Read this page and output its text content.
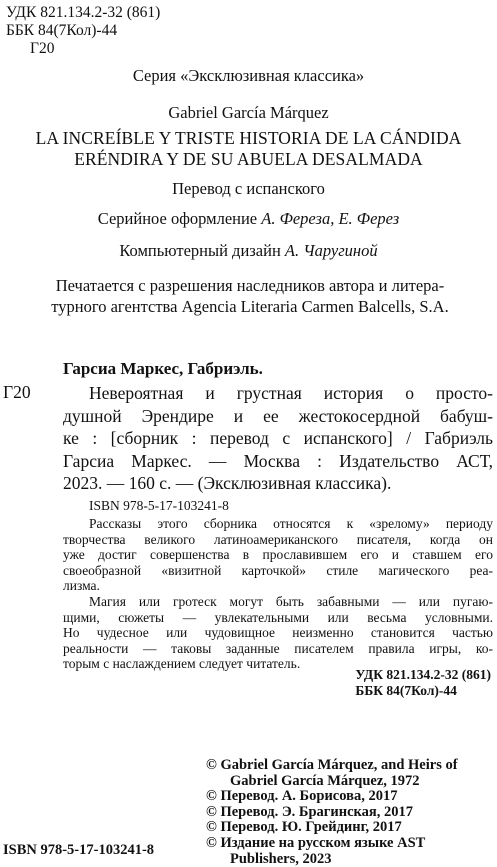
УДК 821.134.2-32 (861)
ББК 84(7Кол)-44
Г20
Серия «Эксклюзивная классика»
Gabriel García Márquez
LA INCREÍBLE Y TRISTE HISTORIA DE LA CÁNDIDA
ERÉNDIRA Y DE SU ABUELA DESALMADA
Перевод с испанского
Серийное оформление А. Фереза, Е. Ферез
Компьютерный дизайн А. Чаругиной
Печатается с разрешения наследников автора и литера-
турного агентства Agencia Literaria Carmen Balcells, S.A.
Гарсиа Маркес, Габриэль.
Г20	Невероятная и грустная история о просто-
душной Эрендире и ее жестокосердной бабуш-
ке : [сборник : перевод с испанского] / Габриэль
Гарсиа Маркес. — Москва : Издательство АСТ,
2023. — 160 с. — (Эксклюзивная классика).
ISBN 978-5-17-103241-8
Рассказы этого сборника относятся к «зрелому» периоду
творчества великого латиноамериканского писателя, когда он
уже достиг совершенства в прославившем его и ставшем его
своеобразной «визитной карточкой» стиле магического реа-
лизма.
Магия или гротеск могут быть забавными — или пугаю-
щими, сюжеты — увлекательными или весьма условными.
Но чудесное или чудовищное неизменно становится частью
реальности — таковы заданные писателем правила игры, ко-
торым с наслаждением следует читатель.
УДК 821.134.2-32 (861)
ББК 84(7Кол)-44
© Gabriel García Márquez, and Heirs of
Gabriel García Márquez, 1972
© Перевод. А. Борисова, 2017
© Перевод. Э. Брагинская, 2017
© Перевод. Ю. Грейдинг, 2017
© Издание на русском языке AST
Publishers, 2023
ISBN 978-5-17-103241-8
